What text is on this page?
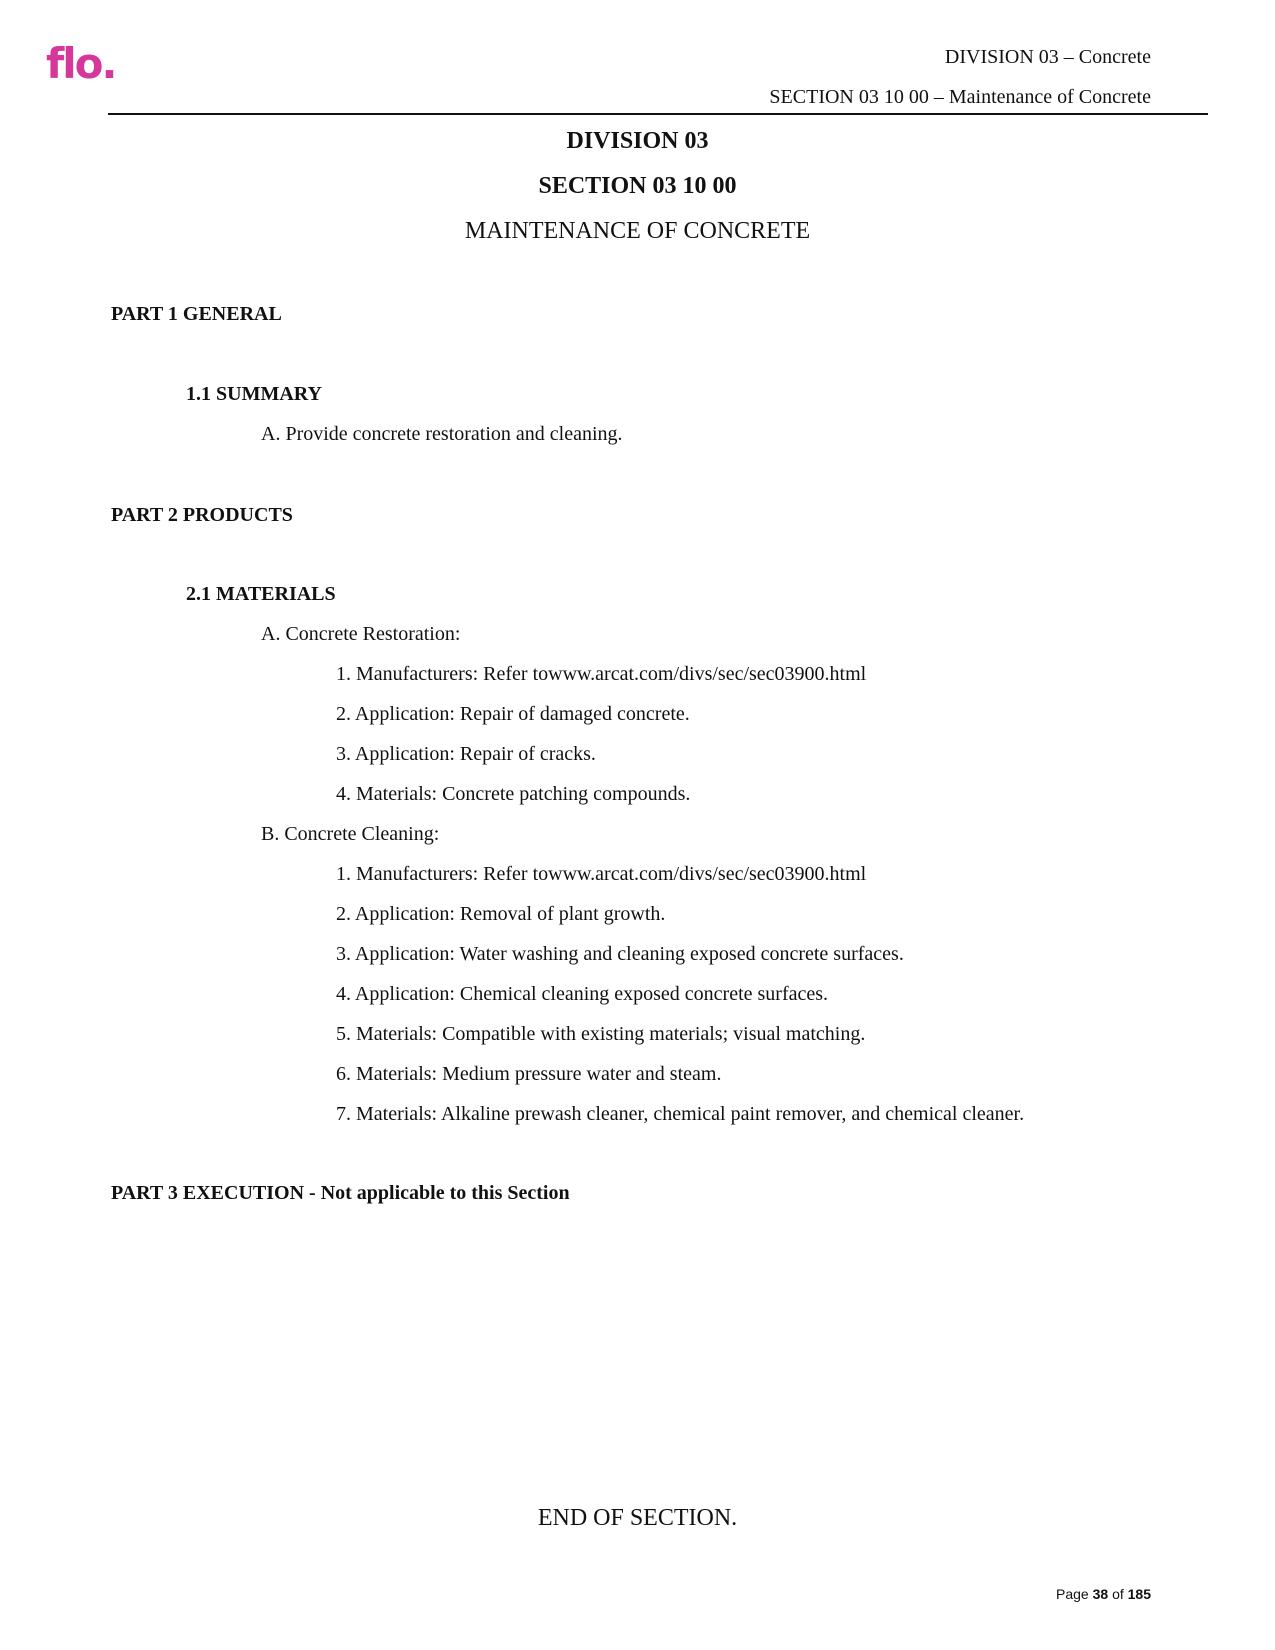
flo.	DIVISION 03 – Concrete
SECTION 03 10 00 – Maintenance of Concrete
DIVISION 03
SECTION 03 10 00
MAINTENANCE OF CONCRETE
PART 1 GENERAL
1.1 SUMMARY
A. Provide concrete restoration and cleaning.
PART 2 PRODUCTS
2.1 MATERIALS
A. Concrete Restoration:
1. Manufacturers: Refer towww.arcat.com/divs/sec/sec03900.html
2. Application: Repair of damaged concrete.
3. Application: Repair of cracks.
4. Materials: Concrete patching compounds.
B. Concrete Cleaning:
1. Manufacturers: Refer towww.arcat.com/divs/sec/sec03900.html
2. Application: Removal of plant growth.
3. Application: Water washing and cleaning exposed concrete surfaces.
4. Application: Chemical cleaning exposed concrete surfaces.
5. Materials: Compatible with existing materials; visual matching.
6. Materials: Medium pressure water and steam.
7. Materials: Alkaline prewash cleaner, chemical paint remover, and chemical cleaner.
PART 3 EXECUTION - Not applicable to this Section
END OF SECTION.
Page 38 of 185
